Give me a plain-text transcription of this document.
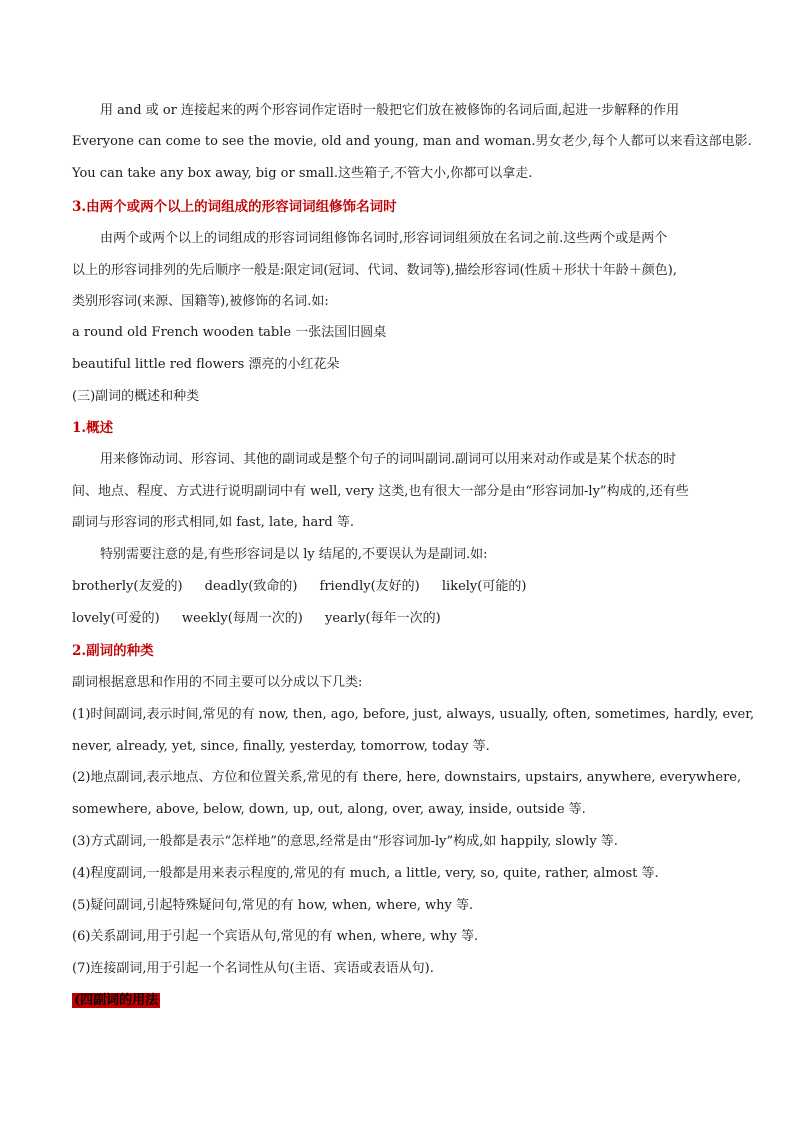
用 and 或 or 连接起来的两个形容词作定语时一般把它们放在被修饰的名词后面,起进一步解释的作用
Everyone can come to see the movie, old and young, man and woman.男女老少,每个人都可以来看这部电影.
You can take any box away, big or small.这些箱子,不管大小,你都可以拿走.
3.由两个或两个以上的词组成的形容词词组修饰名词时
由两个或两个以上的词组成的形容词词组修饰名词时,形容词词组须放在名词之前.这些两个或是两个
以上的形容词排列的先后顺序一般是:限定词(冠词、代词、数词等),描绘形容词(性质＋形状十年龄＋颜色),
类别形容词(来源、国籍等),被修饰的名词.如:
a round old French wooden table 一张法国旧圆桌
beautiful little red flowers 漂亮的小红花朵
(三)副词的概述和种类
1.概述
用来修饰动词、形容词、其他的副词或是整个句子的词叫副词.副词可以用来对动作或是某个状态的时
间、地点、程度、方式进行说明副词中有 well, very 这类,也有很大一部分是由“形容词加-ly”构成的,还有些
副词与形容词的形式相同,如 fast, late, hard 等.
特别需要注意的是,有些形容词是以 ly 结尾的,不要误认为是副词.如:
brotherly(友爱的) deadly(致命的) friendly(友好的) likely(可能的)
lovely(可爱的) weekly(每周一次的) yearly(每年一次的)
2.副词的种类
副词根据意思和作用的不同主要可以分成以下几类:
(1)时间副词,表示时间,常见的有 now, then, ago, before, just, always, usually, often, sometimes, hardly, ever,
never, already, yet, since, finally, yesterday, tomorrow, today 等.
(2)地点副词,表示地点、方位和位置关系,常见的有 there, here, downstairs, upstairs, anywhere, everywhere,
somewhere, above, below, down, up, out, along, over, away, inside, outside 等.
(3)方式副词,一般都是表示“怎样地”的意思,经常是由“形容词加-ly”构成,如 happily, slowly 等.
(4)程度副词,一般都是用来表示程度的,常见的有 much, a little, very, so, quite, rather, almost 等.
(5)疑问副词,引起特殊疑问句,常见的有 how, when, where, why 等.
(6)关系副词,用于引起一个宾语从句,常见的有 when, where, why 等.
(7)连接副词,用于引起一个名词性从句(主语、宾语或表语从句).
(四副词的用法
